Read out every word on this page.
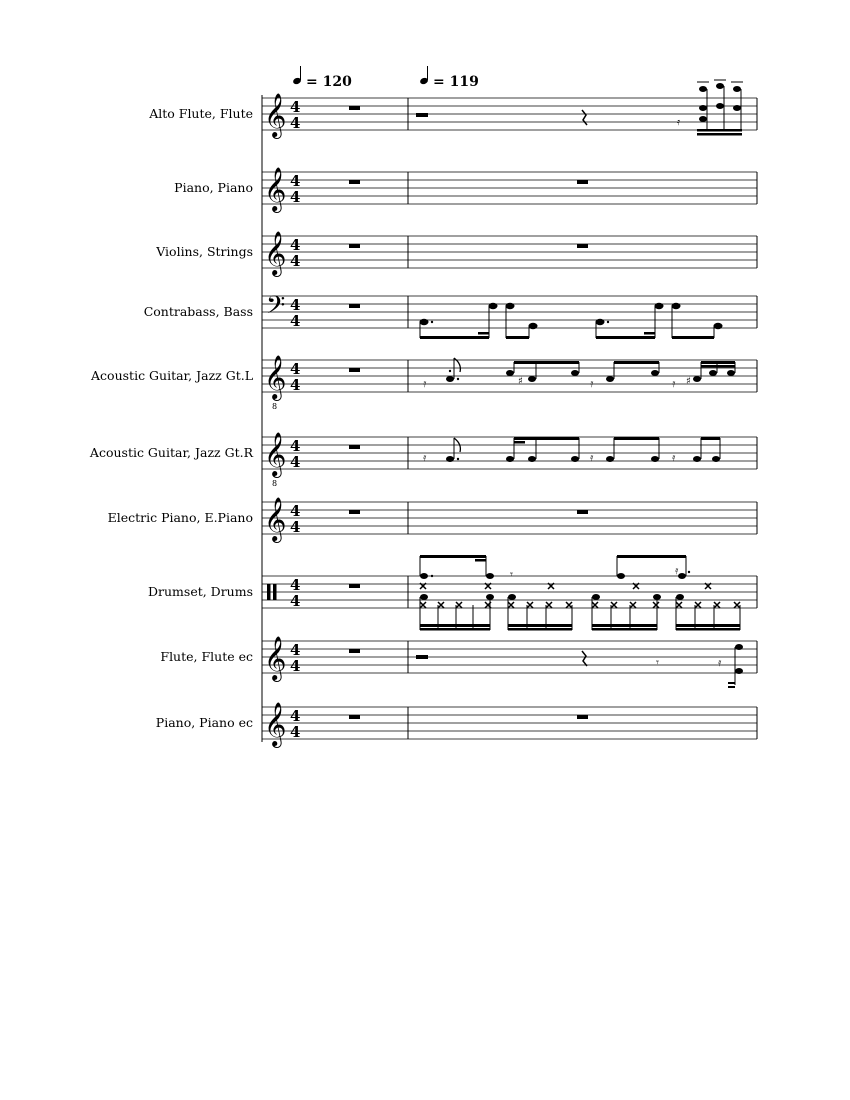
= 120	= 119
Alto Flute, Flute 𝄞 4
4
Piano, Piano 𝄞 4
4
Violins, Strings 𝄞 4
4
Contrabass, Bass 𝄢 4
4
Acoustic Guitar, Jazz Gt.L 𝄞
8
4
4
Acoustic Guitar, Jazz Gt.R 𝄞
8
4
4
Electric Piano, E.Piano 𝄞 4
4
Drumset, Drums 4
4
Flute, Flute ec 𝄞 4
4
Piano, Piano ec 𝄞 4
4
𝄿
𝄿	♯	𝄿	𝄿 ♯
𝄿	𝄿	𝄿
𝄾	𝄿
𝄾	𝄿
